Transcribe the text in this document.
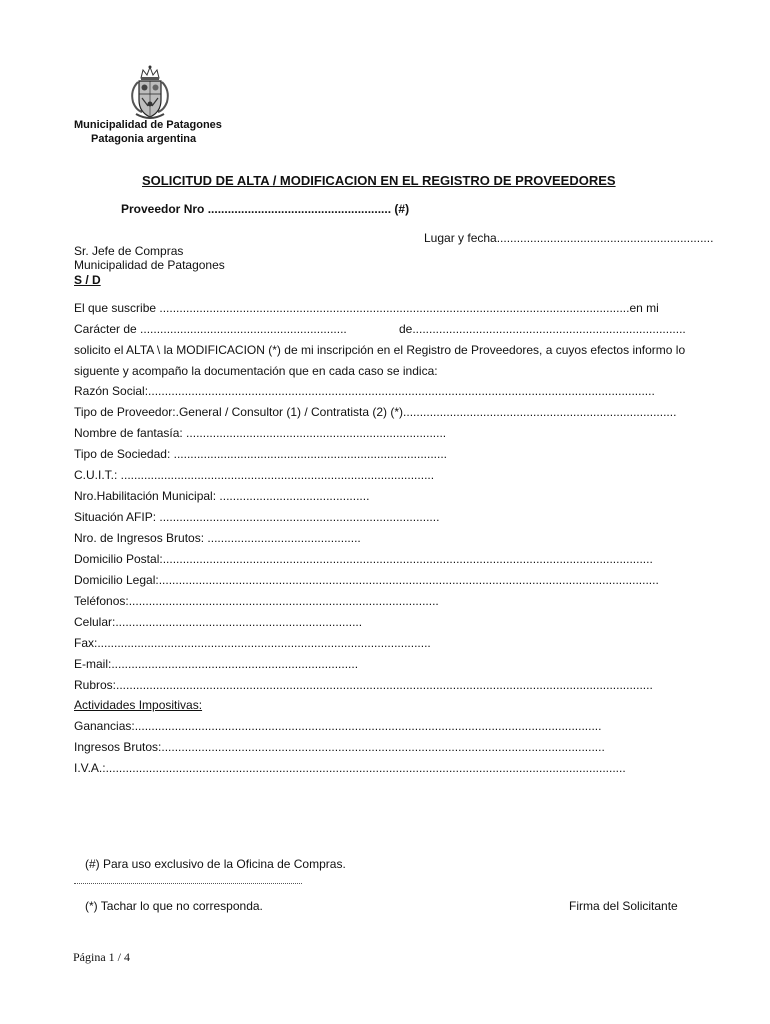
Municipalidad de Patagones
Patagonia argentina
SOLICITUD DE ALTA / MODIFICACION EN EL REGISTRO DE PROVEEDORES
Proveedor Nro ....................................................... (#)
Lugar y fecha.................................................................
Sr. Jefe de Compras
Municipalidad de Patagones
S / D
El que suscribe .............................................................................................................................................en mi
Carácter de ..............................................................	de..................................................................................
solicito el ALTA \ la MODIFICACION (*) de mi inscripción en el Registro de Proveedores, a cuyos efectos informo lo
siguente y acompaño la documentación que en cada caso se indica:
Razón Social:........................................................................................................................................................
Tipo de Proveedor:.General / Consultor (1) / Contratista (2) (*)..................................................................................
Nombre de fantasía: ..............................................................................
Tipo de Sociedad: ..................................................................................
C.U.I.T.: ..............................................................................................
Nro.Habilitación Municipal: .............................................
Situación AFIP: ....................................................................................
Nro. de Ingresos Brutos: ..............................................
Domicilio Postal:...................................................................................................................................................
Domicilio Legal:......................................................................................................................................................
Teléfonos:.............................................................................................
Celular:..........................................................................
Fax:....................................................................................................
E-mail:..........................................................................
Rubros:.................................................................................................................................................................
Actividades Impositivas:
Ganancias:............................................................................................................................................
Ingresos Brutos:.....................................................................................................................................
I.V.A.:............................................................................................................................................................
(#) Para uso exclusivo de la Oficina de Compras.
(*) Tachar lo que no corresponda.	Firma del Solicitante
Página 1 / 4
